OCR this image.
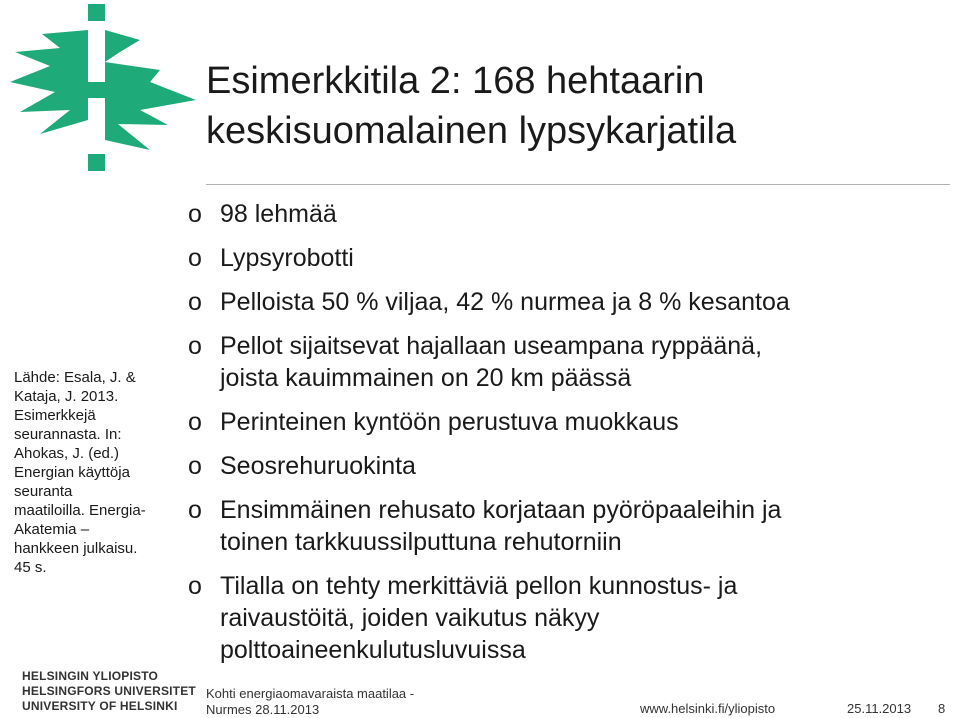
Esimerkkitila 2: 168 hehtaarin
keskisuomalainen lypsykarjatila
Lähde: Esala, J. &
Kataja, J. 2013.
Esimerkkejä
seurannasta. In:
Ahokas, J. (ed.)
Energian käyttöja
seuranta
maatiloilla. Energia-
Akatemia –
hankkeen julkaisu.
45 s.
o 98 lehmää
o Lypsyrobotti
o Pelloista 50 % viljaa, 42 % nurmea ja 8 % kesantoa
o Pellot sijaitsevat hajallaan useampana ryppäänä,
joista kauimmainen on 20 km päässä
o Perinteinen kyntöön perustuva muokkaus
o Seosrehuruokinta
o Ensimmäinen rehusato korjataan pyöröpaaleihin ja
toinen tarkkuussilputtuna rehutorniin
o Tilalla on tehty merkittäviä pellon kunnostus- ja
raivaustöitä, joiden vaikutus näkyy
polttoaineenkulutusluvuissa
HELSINGIN YLIOPISTO
HELSINGFORS UNIVERSITET
UNIVERSITY OF HELSINKI
Kohti energiaomavaraista maatilaa -
Nurmes 28.11.2013	www.helsinki.fi/yliopisto	25.11.2013 8
